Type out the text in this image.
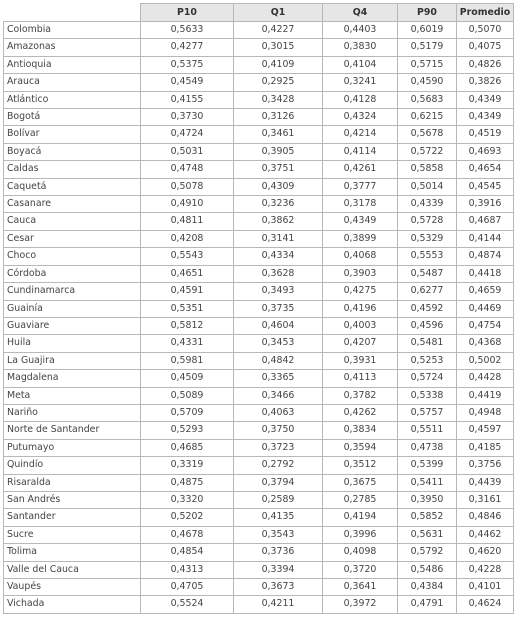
	P10	Q1	Q4	P90	Promedio
Colombia	0,5633	0,4227	0,4403	0,6019	0,5070
Amazonas	0,4277	0,3015	0,3830	0,5179	0,4075
Antioquia	0,5375	0,4109	0,4104	0,5715	0,4826
Arauca	0,4549	0,2925	0,3241	0,4590	0,3826
Atlántico	0,4155	0,3428	0,4128	0,5683	0,4349
Bogotá	0,3730	0,3126	0,4324	0,6215	0,4349
Bolívar	0,4724	0,3461	0,4214	0,5678	0,4519
Boyacá	0,5031	0,3905	0,4114	0,5722	0,4693
Caldas	0,4748	0,3751	0,4261	0,5858	0,4654
Caquetá	0,5078	0,4309	0,3777	0,5014	0,4545
Casanare	0,4910	0,3236	0,3178	0,4339	0,3916
Cauca	0,4811	0,3862	0,4349	0,5728	0,4687
Cesar	0,4208	0,3141	0,3899	0,5329	0,4144
Choco	0,5543	0,4334	0,4068	0,5553	0,4874
Córdoba	0,4651	0,3628	0,3903	0,5487	0,4418
Cundinamarca	0,4591	0,3493	0,4275	0,6277	0,4659
Guainía	0,5351	0,3735	0,4196	0,4592	0,4469
Guaviare	0,5812	0,4604	0,4003	0,4596	0,4754
Huila	0,4331	0,3453	0,4207	0,5481	0,4368
La Guajira	0,5981	0,4842	0,3931	0,5253	0,5002
Magdalena	0,4509	0,3365	0,4113	0,5724	0,4428
Meta	0,5089	0,3466	0,3782	0,5338	0,4419
Nariño	0,5709	0,4063	0,4262	0,5757	0,4948
Norte de Santander	0,5293	0,3750	0,3834	0,5511	0,4597
Putumayo	0,4685	0,3723	0,3594	0,4738	0,4185
Quindío	0,3319	0,2792	0,3512	0,5399	0,3756
Risaralda	0,4875	0,3794	0,3675	0,5411	0,4439
San Andrés	0,3320	0,2589	0,2785	0,3950	0,3161
Santander	0,5202	0,4135	0,4194	0,5852	0,4846
Sucre	0,4678	0,3543	0,3996	0,5631	0,4462
Tolima	0,4854	0,3736	0,4098	0,5792	0,4620
Valle del Cauca	0,4313	0,3394	0,3720	0,5486	0,4228
Vaupés	0,4705	0,3673	0,3641	0,4384	0,4101
Vichada	0,5524	0,4211	0,3972	0,4791	0,4624
